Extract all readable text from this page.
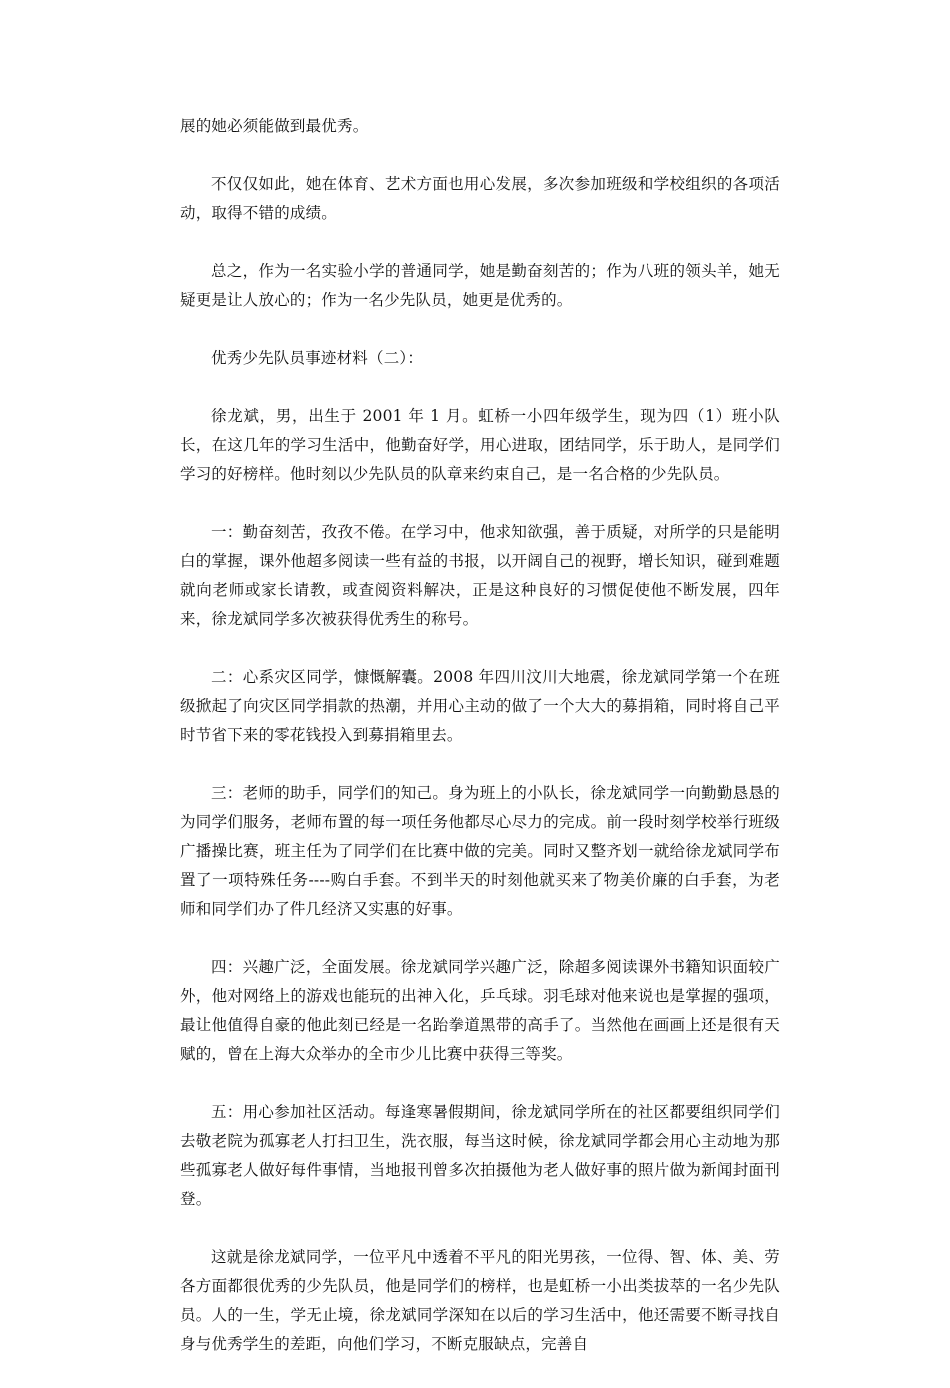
展的她必须能做到最优秀。

不仅仅如此，她在体育、艺术方面也用心发展，多次参加班级和学校组织的各项活动，取得不错的成绩。

总之，作为一名实验小学的普通同学，她是勤奋刻苦的；作为八班的领头羊，她无疑更是让人放心的；作为一名少先队员，她更是优秀的。

优秀少先队员事迹材料（二）：

徐龙斌，男，出生于 2001 年 1 月。虹桥一小四年级学生，现为四（1）班小队长，在这几年的学习生活中，他勤奋好学，用心进取，团结同学，乐于助人，是同学们学习的好榜样。他时刻以少先队员的队章来约束自己，是一名合格的少先队员。

一：勤奋刻苦，孜孜不倦。在学习中，他求知欲强，善于质疑，对所学的只是能明白的掌握，课外他超多阅读一些有益的书报，以开阔自己的视野，增长知识，碰到难题就向老师或家长请教，或查阅资料解决，正是这种良好的习惯促使他不断发展，四年来，徐龙斌同学多次被获得优秀生的称号。

二：心系灾区同学，慷慨解囊。2008 年四川汶川大地震，徐龙斌同学第一个在班级掀起了向灾区同学捐款的热潮，并用心主动的做了一个大大的募捐箱，同时将自己平时节省下来的零花钱投入到募捐箱里去。

三：老师的助手，同学们的知己。身为班上的小队长，徐龙斌同学一向勤勤恳恳的为同学们服务，老师布置的每一项任务他都尽心尽力的完成。前一段时刻学校举行班级广播操比赛，班主任为了同学们在比赛中做的完美。同时又整齐划一就给徐龙斌同学布置了一项特殊任务----购白手套。不到半天的时刻他就买来了物美价廉的白手套，为老师和同学们办了件几经济又实惠的好事。

四：兴趣广泛，全面发展。徐龙斌同学兴趣广泛，除超多阅读课外书籍知识面较广外，他对网络上的游戏也能玩的出神入化，乒乓球。羽毛球对他来说也是掌握的强项，最让他值得自豪的他此刻已经是一名跆拳道黑带的高手了。当然他在画画上还是很有天赋的，曾在上海大众举办的全市少儿比赛中获得三等奖。

五：用心参加社区活动。每逢寒暑假期间，徐龙斌同学所在的社区都要组织同学们去敬老院为孤寡老人打扫卫生，洗衣服，每当这时候，徐龙斌同学都会用心主动地为那些孤寡老人做好每件事情，当地报刊曾多次拍摄他为老人做好事的照片做为新闻封面刊登。

这就是徐龙斌同学，一位平凡中透着不平凡的阳光男孩，一位得、智、体、美、劳各方面都很优秀的少先队员，他是同学们的榜样，也是虹桥一小出类拔萃的一名少先队员。人的一生，学无止境，徐龙斌同学深知在以后的学习生活中，他还需要不断寻找自身与优秀学生的差距，向他们学习，不断克服缺点，完善自
